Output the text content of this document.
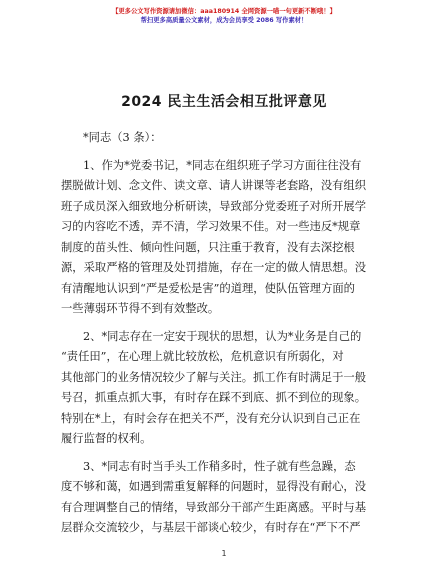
【更多公文写作资源请加微信：aaa180914 全网资源一喵一句更新不断哦！】
帮扫更多高质量公文素材，成为会员享受 2086 写作素材！
2024 民主生活会相互批评意见
*同志（3 条）：
1、作为*党委书记，*同志在组织班子学习方面往往没有
摆脱做计划、念文件、读文章、请人讲课等老套路，没有组织
班子成员深入细致地分析研读，导致部分党委班子对所开展学
习的内容吃不透，弄不清，学习效果不佳。对一些违反*规章
制度的苗头性、倾向性问题，只注重于教育，没有去深挖根
源，采取严格的管理及处罚措施，存在一定的做人情思想。没
有清醒地认识到“严是爱松是害”的道理，使队伍管理方面的
一些薄弱环节得不到有效整改。
2、*同志存在一定安于现状的思想，认为*业务是自己的
“责任田”，在心理上就比较放松，危机意识有所弱化，对
其他部门的业务情况较少了解与关注。抓工作有时满足于一般
号召，抓重点抓大事，有时存在踩不到底、抓不到位的现象。
特别在*上，有时会存在把关不严，没有充分认识到自己正在
履行监督的权利。
3、*同志有时当手头工作稍多时，性子就有些急躁，态
度不够和蔼，如遇到需重复解释的问题时，显得没有耐心，没
有合理调整自己的情绪，导致部分干部产生距离感。平时与基
层群众交流较少，与基层干部谈心较少，有时存在“严下不严
1
